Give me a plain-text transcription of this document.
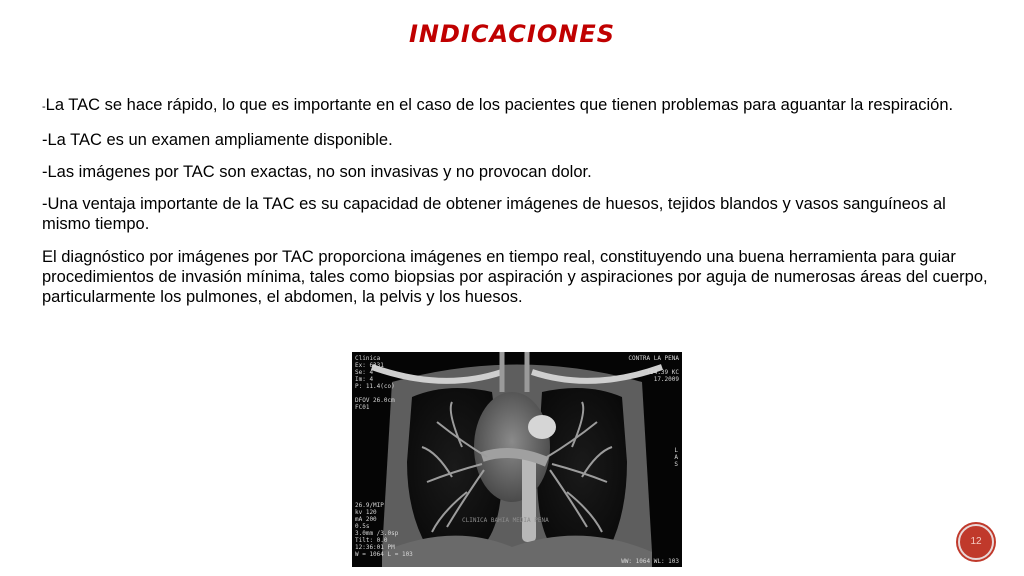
INDICACIONES

-La TAC se hace rápido, lo que es importante en el caso de los pacientes que tienen problemas para aguantar la respiración.

-La TAC es un examen ampliamente disponible.

-Las imágenes por TAC son exactas, no son invasivas y no provocan dolor.

-Una ventaja importante de la TAC es su capacidad de obtener imágenes de huesos, tejidos blandos y vasos sanguíneos al mismo tiempo.

El diagnóstico por imágenes por TAC proporciona imágenes en tiempo real, constituyendo una buena herramienta para guiar procedimientos de invasión mínima, tales como biopsias por aspiración y aspiraciones por aguja de numerosas áreas del cuerpo, particularmente los pulmones, el abdomen, la pelvis y los huesos.

Clinica
Ex: 6331
Se: 4
Im: 4
P: 11.4(co)

DFOV 26.0cm
FC01
CONTRA LA PENA

154.39 KC
17.2009
26.9/MIP
kv 120
mA 200
0.5s
3.0mm /3.0sp
Tilt: 0.0
12:36:01 PM
W = 1064 L = 103
WW: 1064 WL: 103
L
A
S
CLINICA BAHIA MEDIA PENA
12
